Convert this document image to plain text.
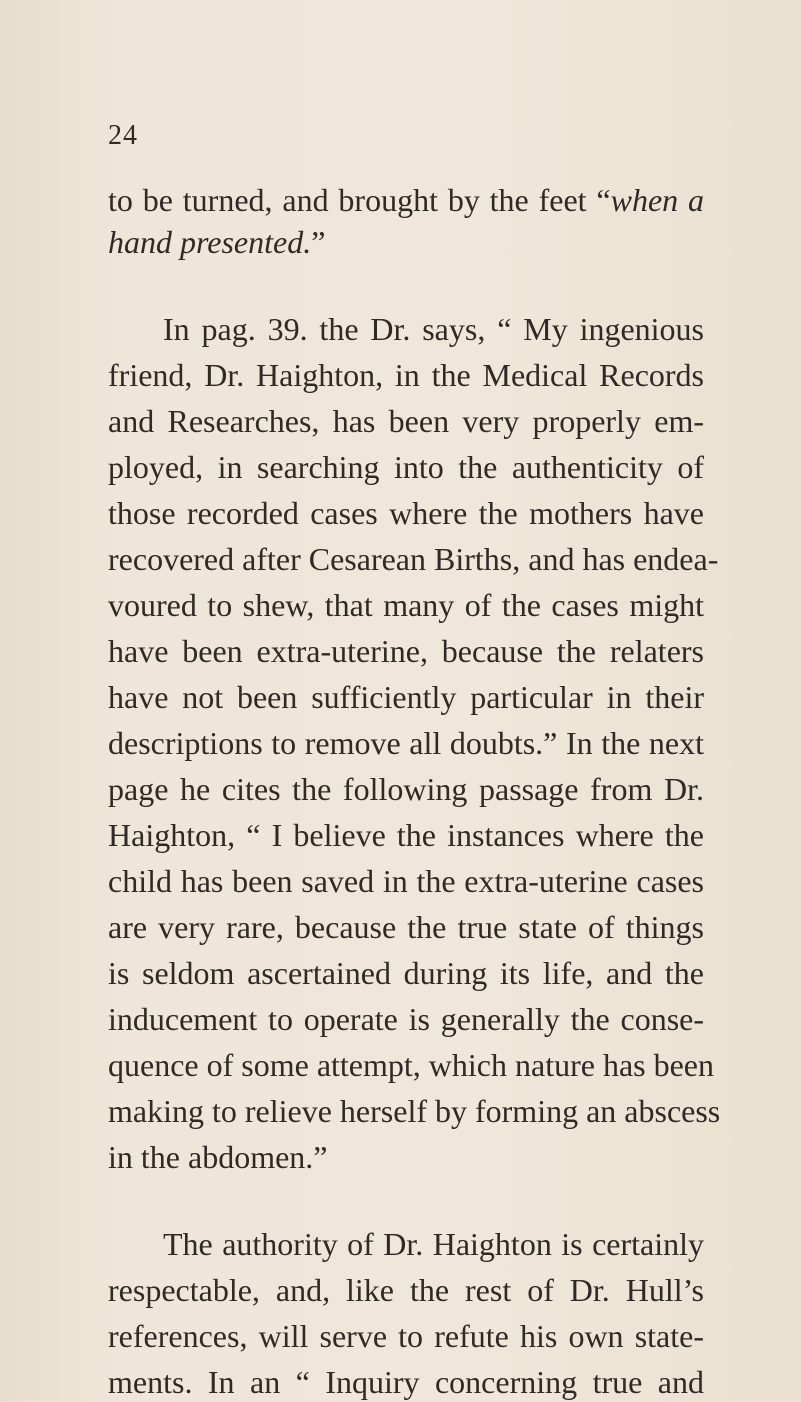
24
to be turned, and brought by the feet “when a
hand presented.”
In pag. 39. the Dr. says, “ My ingenious
friend, Dr. Haighton, in the Medical Records
and Researches, has been very properly em-
ployed, in searching into the authenticity of
those recorded cases where the mothers have
recovered after Cesarean Births, and has endea-
voured to shew, that many of the cases might
have been extra-uterine, because the relaters
have not been sufficiently particular in their
descriptions to remove all doubts.” In the next
page he cites the following passage from Dr.
Haighton, “ I believe the instances where the
child has been saved in the extra-uterine cases
are very rare, because the true state of things
is seldom ascertained during its life, and the
inducement to operate is generally the conse-
quence of some attempt, which nature has been
making to relieve herself by forming an abscess
in the abdomen.”
The authority of Dr. Haighton is certainly
respectable, and, like the rest of Dr. Hull’s
references, will serve to refute his own state-
ments. In an “ Inquiry concerning true and
